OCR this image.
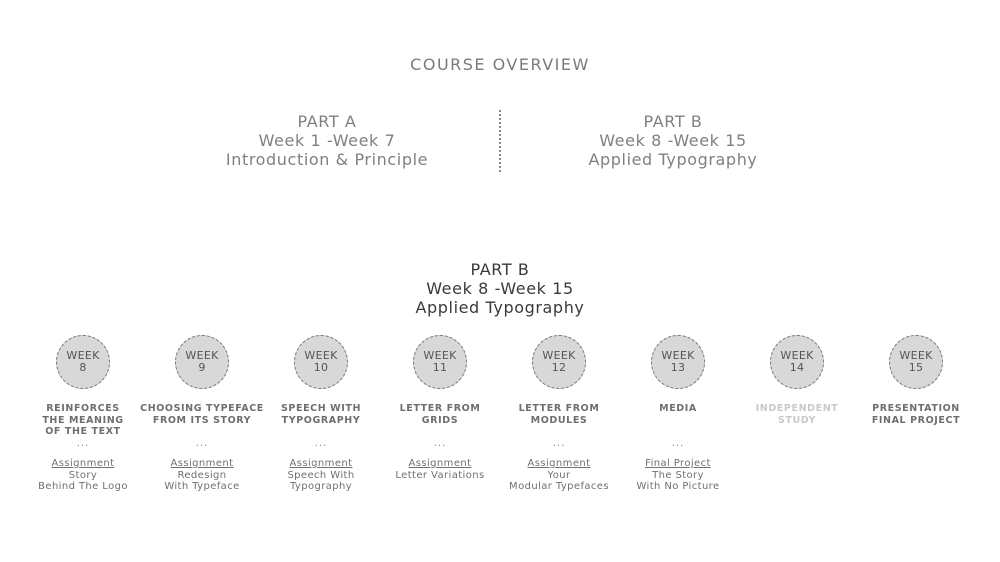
COURSE OVERVIEW
PART A
Week 1 -Week 7
Introduction & Principle
PART B
Week 8 -Week 15
Applied Typography
PART B
Week 8 -Week 15
Applied Typography
WEEK
8
REINFORCES
THE MEANING
OF THE TEXT
...
Assignment
Story
Behind The Logo
WEEK
9
CHOOSING TYPEFACE
FROM ITS STORY
...
Assignment
Redesign
With Typeface
WEEK
10
SPEECH WITH
TYPOGRAPHY
...
Assignment
Speech With
Typography
WEEK
11
LETTER FROM
GRIDS
...
Assignment
Letter Variations
WEEK
12
LETTER FROM
MODULES
...
Assignment
Your
Modular Typefaces
WEEK
13
MEDIA
...
Final Project
The Story
With No Picture
WEEK
14
INDEPENDENT
STUDY
WEEK
15
PRESENTATION
FINAL PROJECT
